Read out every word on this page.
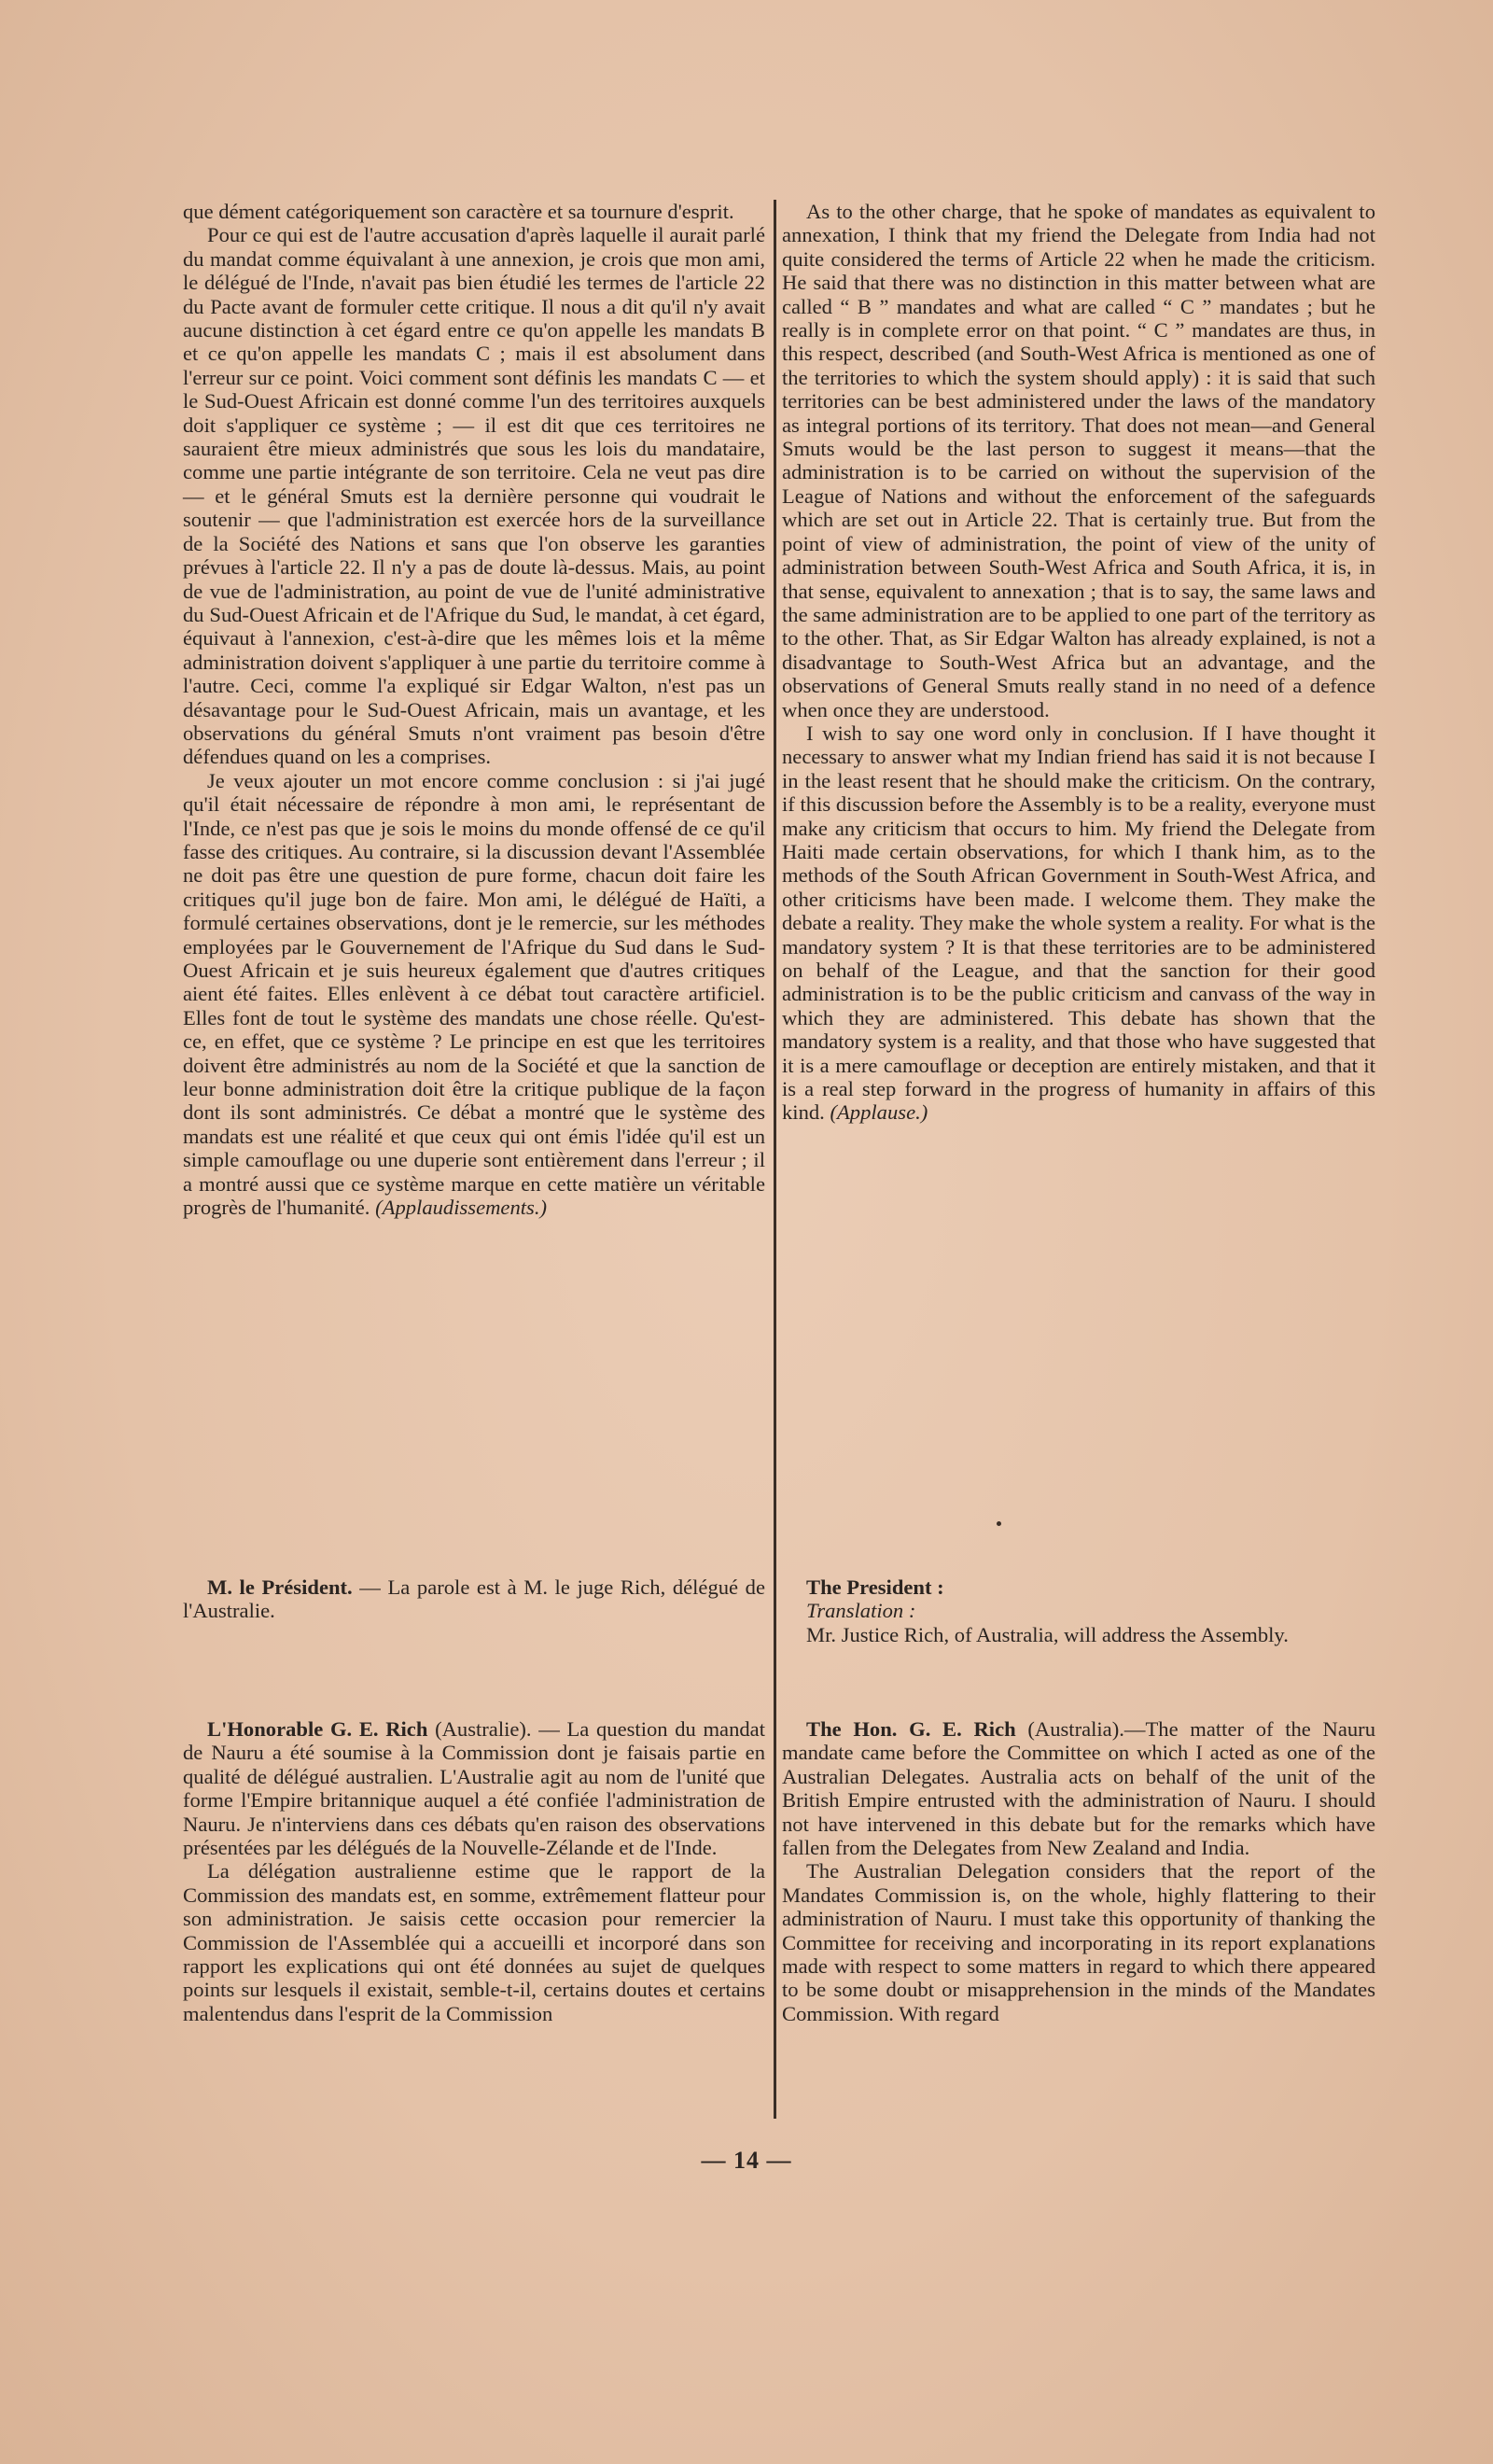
que dément catégoriquement son caractère et sa tournure d'esprit.

Pour ce qui est de l'autre accusation d'après laquelle il aurait parlé du mandat comme équivalant à une annexion, je crois que mon ami, le délégué de l'Inde, n'avait pas bien étudié les termes de l'article 22 du Pacte avant de formuler cette critique. Il nous a dit qu'il n'y avait aucune distinction à cet égard entre ce qu'on appelle les mandats B et ce qu'on appelle les mandats C ; mais il est absolument dans l'erreur sur ce point. Voici comment sont définis les mandats C — et le Sud-Ouest Africain est donné comme l'un des territoires auxquels doit s'appliquer ce système ; — il est dit que ces territoires ne sauraient être mieux administrés que sous les lois du mandataire, comme une partie intégrante de son territoire. Cela ne veut pas dire — et le général Smuts est la dernière personne qui voudrait le soutenir — que l'administration est exercée hors de la surveillance de la Société des Nations et sans que l'on observe les garanties prévues à l'article 22. Il n'y a pas de doute là-dessus. Mais, au point de vue de l'administration, au point de vue de l'unité administrative du Sud-Ouest Africain et de l'Afrique du Sud, le mandat, à cet égard, équivaut à l'annexion, c'est-à-dire que les mêmes lois et la même administration doivent s'appliquer à une partie du territoire comme à l'autre. Ceci, comme l'a expliqué sir Edgar Walton, n'est pas un désavantage pour le Sud-Ouest Africain, mais un avantage, et les observations du général Smuts n'ont vraiment pas besoin d'être défendues quand on les a comprises.

Je veux ajouter un mot encore comme conclusion : si j'ai jugé qu'il était nécessaire de répondre à mon ami, le représentant de l'Inde, ce n'est pas que je sois le moins du monde offensé de ce qu'il fasse des critiques. Au contraire, si la discussion devant l'Assemblée ne doit pas être une question de pure forme, chacun doit faire les critiques qu'il juge bon de faire. Mon ami, le délégué de Haïti, a formulé certaines observations, dont je le remercie, sur les méthodes employées par le Gouvernement de l'Afrique du Sud dans le Sud-Ouest Africain et je suis heureux également que d'autres critiques aient été faites. Elles enlèvent à ce débat tout caractère artificiel. Elles font de tout le système des mandats une chose réelle. Qu'est-ce, en effet, que ce système ? Le principe en est que les territoires doivent être administrés au nom de la Société et que la sanction de leur bonne administration doit être la critique publique de la façon dont ils sont administrés. Ce débat a montré que le système des mandats est une réalité et que ceux qui ont émis l'idée qu'il est un simple camouflage ou une duperie sont entièrement dans l'erreur ; il a montré aussi que ce système marque en cette matière un véritable progrès de l'humanité. (Applaudissements.)

M. le Président. — La parole est à M. le juge Rich, délégué de l'Australie.

L'Honorable G. E. Rich (Australie). — La question du mandat de Nauru a été soumise à la Commission dont je faisais partie en qualité de délégué australien. L'Australie agit au nom de l'unité que forme l'Empire britannique auquel a été confiée l'administration de Nauru. Je n'interviens dans ces débats qu'en raison des observations présentées par les délégués de la Nouvelle-Zélande et de l'Inde.

La délégation australienne estime que le rapport de la Commission des mandats est, en somme, extrêmement flatteur pour son administration. Je saisis cette occasion pour remercier la Commission de l'Assemblée qui a accueilli et incorporé dans son rapport les explications qui ont été données au sujet de quelques points sur lesquels il existait, semble-t-il, certains doutes et certains malentendus dans l'esprit de la Commission

As to the other charge, that he spoke of mandates as equivalent to annexation, I think that my friend the Delegate from India had not quite considered the terms of Article 22 when he made the criticism. He said that there was no distinction in this matter between what are called “ B ” mandates and what are called “ C ” mandates ; but he really is in complete error on that point. “ C ” mandates are thus, in this respect, described (and South-West Africa is mentioned as one of the territories to which the system should apply) : it is said that such territories can be best administered under the laws of the mandatory as integral portions of its territory. That does not mean—and General Smuts would be the last person to suggest it means—that the administration is to be carried on without the supervision of the League of Nations and without the enforcement of the safeguards which are set out in Article 22. That is certainly true. But from the point of view of administration, the point of view of the unity of administration between South-West Africa and South Africa, it is, in that sense, equivalent to annexation ; that is to say, the same laws and the same administration are to be applied to one part of the territory as to the other. That, as Sir Edgar Walton has already explained, is not a disadvantage to South-West Africa but an advantage, and the observations of General Smuts really stand in no need of a defence when once they are understood.

I wish to say one word only in conclusion. If I have thought it necessary to answer what my Indian friend has said it is not because I in the least resent that he should make the criticism. On the contrary, if this discussion before the Assembly is to be a reality, everyone must make any criticism that occurs to him. My friend the Delegate from Haiti made certain observations, for which I thank him, as to the methods of the South African Government in South-West Africa, and other criticisms have been made. I welcome them. They make the debate a reality. They make the whole system a reality. For what is the mandatory system ? It is that these territories are to be administered on behalf of the League, and that the sanction for their good administration is to be the public criticism and canvass of the way in which they are administered. This debate has shown that the mandatory system is a reality, and that those who have suggested that it is a mere camouflage or deception are entirely mistaken, and that it is a real step forward in the progress of humanity in affairs of this kind. (Applause.)

The President :

Translation :

Mr. Justice Rich, of Australia, will address the Assembly.

The Hon. G. E. Rich (Australia).—The matter of the Nauru mandate came before the Committee on which I acted as one of the Australian Delegates. Australia acts on behalf of the unit of the British Empire entrusted with the administration of Nauru. I should not have intervened in this debate but for the remarks which have fallen from the Delegates from New Zealand and India.

The Australian Delegation considers that the report of the Mandates Commission is, on the whole, highly flattering to their administration of Nauru. I must take this opportunity of thanking the Committee for receiving and incorporating in its report explanations made with respect to some matters in regard to which there appeared to be some doubt or misapprehension in the minds of the Mandates Commission. With regard

— 14 —
